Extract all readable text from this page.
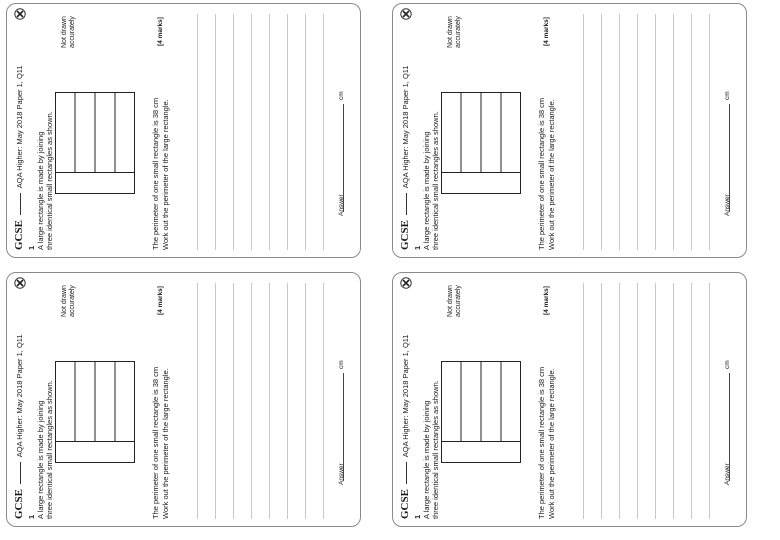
GCSE  AQA Higher: May 2018 Paper 1, Q11
1 A large rectangle is made by joining three identical small rectangles as shown.
Not drawn accurately
The perimeter of one small rectangle is 38 cm Work out the perimeter of the large rectangle.
[4 marks]
Answer
cm
GCSE  AQA Higher: May 2018 Paper 1, Q11
1 A large rectangle is made by joining three identical small rectangles as shown.
Not drawn accurately
The perimeter of one small rectangle is 38 cm Work out the perimeter of the large rectangle.
[4 marks]
Answer
cm
GCSE  AQA Higher: May 2018 Paper 1, Q11
1 A large rectangle is made by joining three identical small rectangles as shown.
Not drawn accurately
The perimeter of one small rectangle is 38 cm Work out the perimeter of the large rectangle.
[4 marks]
Answer
cm
GCSE  AQA Higher: May 2018 Paper 1, Q11
1 A large rectangle is made by joining three identical small rectangles as shown.
Not drawn accurately
The perimeter of one small rectangle is 38 cm Work out the perimeter of the large rectangle.
[4 marks]
Answer
cm
